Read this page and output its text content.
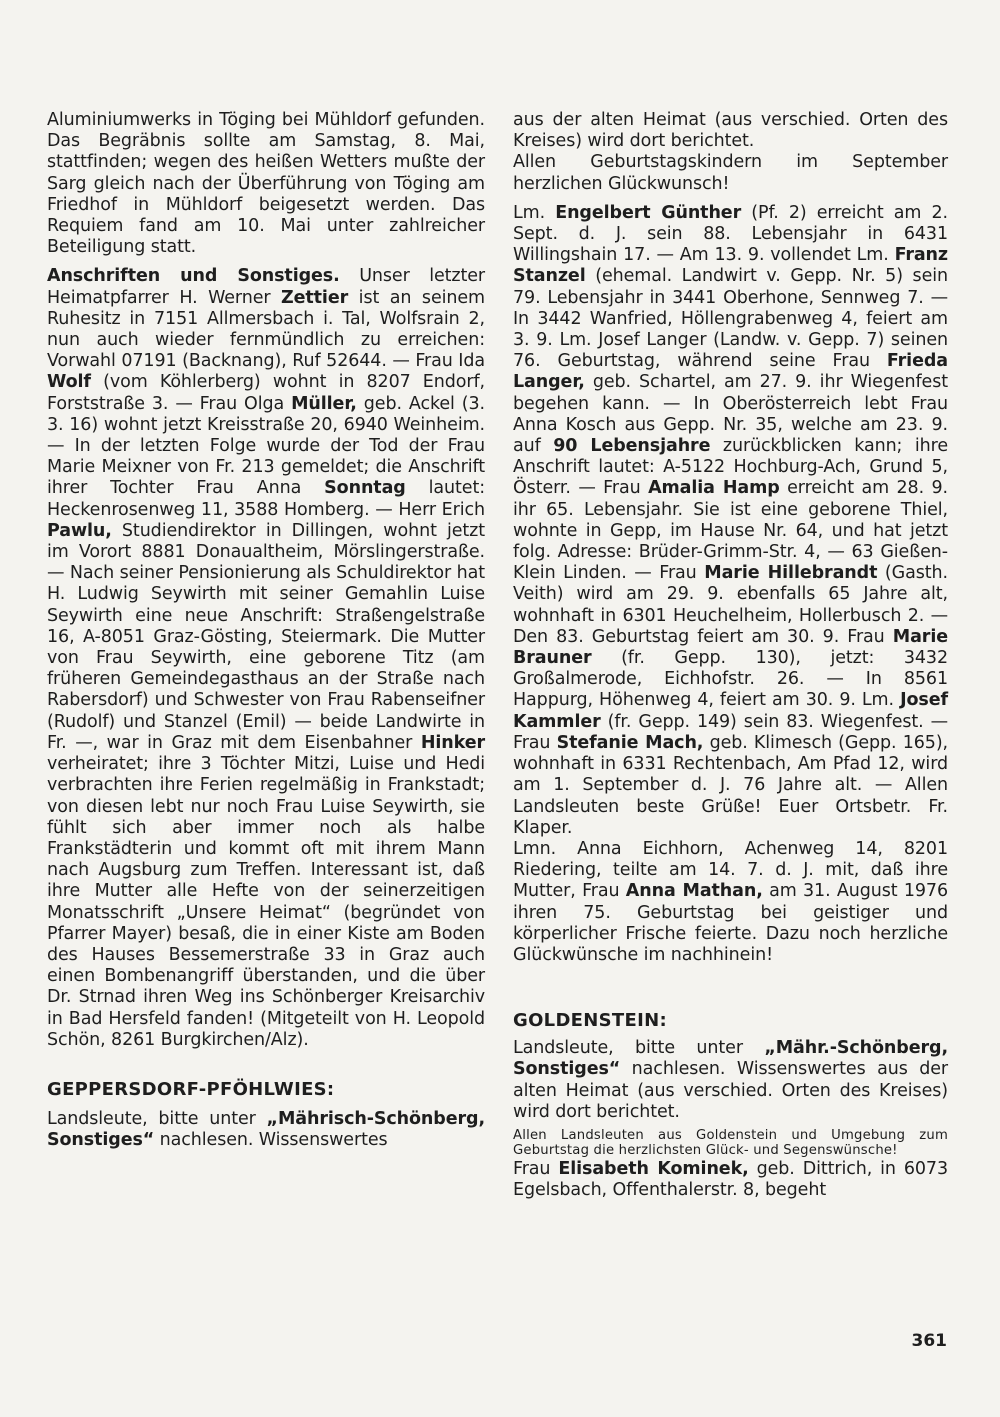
Aluminiumwerks in Töging bei Mühldorf gefunden. Das Begräbnis sollte am Samstag, 8. Mai, stattfinden; wegen des heißen Wetters mußte der Sarg gleich nach der Überführung von Töging am Friedhof in Mühldorf beigesetzt werden. Das Requiem fand am 10. Mai unter zahlreicher Beteiligung statt.

Anschriften und Sonstiges. Unser letzter Heimatpfarrer H. Werner Zettier ist an seinem Ruhesitz in 7151 Allmersbach i. Tal, Wolfsrain 2, nun auch wieder fernmündlich zu erreichen: Vorwahl 07191 (Backnang), Ruf 52644. — Frau Ida Wolf (vom Köhlerberg) wohnt in 8207 Endorf, Forststraße 3. — Frau Olga Müller, geb. Ackel (3. 3. 16) wohnt jetzt Kreisstraße 20, 6940 Weinheim. — In der letzten Folge wurde der Tod der Frau Marie Meixner von Fr. 213 gemeldet; die Anschrift ihrer Tochter Frau Anna Sonntag lautet: Heckenrosenweg 11, 3588 Homberg. — Herr Erich Pawlu, Studiendirektor in Dillingen, wohnt jetzt im Vorort 8881 Donaualtheim, Mörslingerstraße. — Nach seiner Pensionierung als Schuldirektor hat H. Ludwig Seywirth mit seiner Gemahlin Luise Seywirth eine neue Anschrift: Straßengelstraße 16, A-8051 Graz-Gösting, Steiermark. Die Mutter von Frau Seywirth, eine geborene Titz (am früheren Gemeindegasthaus an der Straße nach Rabersdorf) und Schwester von Frau Rabenseifner (Rudolf) und Stanzel (Emil) — beide Landwirte in Fr. —, war in Graz mit dem Eisenbahner Hinker verheiratet; ihre 3 Töchter Mitzi, Luise und Hedi verbrachten ihre Ferien regelmäßig in Frankstadt; von diesen lebt nur noch Frau Luise Seywirth, sie fühlt sich aber immer noch als halbe Frankstädterin und kommt oft mit ihrem Mann nach Augsburg zum Treffen. Interessant ist, daß ihre Mutter alle Hefte von der seinerzeitigen Monatsschrift „Unsere Heimat“ (begründet von Pfarrer Mayer) besaß, die in einer Kiste am Boden des Hauses Bessemerstraße 33 in Graz auch einen Bombenangriff überstanden, und die über Dr. Strnad ihren Weg ins Schönberger Kreisarchiv in Bad Hersfeld fanden! (Mitgeteilt von H. Leopold Schön, 8261 Burgkirchen/Alz).

GEPPERSDORF-PFÖHLWIES:

Landsleute, bitte unter „Mährisch-Schönberg, Sonstiges“ nachlesen. Wissenswertes

aus der alten Heimat (aus verschied. Orten des Kreises) wird dort berichtet.

Allen Geburtstagskindern im September herzlichen Glückwunsch!

Lm. Engelbert Günther (Pf. 2) erreicht am 2. Sept. d. J. sein 88. Lebensjahr in 6431 Willingshain 17. — Am 13. 9. vollendet Lm. Franz Stanzel (ehemal. Landwirt v. Gepp. Nr. 5) sein 79. Lebensjahr in 3441 Oberhone, Sennweg 7. — In 3442 Wanfried, Höllengrabenweg 4, feiert am 3. 9. Lm. Josef Langer (Landw. v. Gepp. 7) seinen 76. Geburtstag, während seine Frau Frieda Langer, geb. Schartel, am 27. 9. ihr Wiegenfest begehen kann. — In Oberösterreich lebt Frau Anna Kosch aus Gepp. Nr. 35, welche am 23. 9. auf 90 Lebensjahre zurückblicken kann; ihre Anschrift lautet: A-5122 Hochburg-Ach, Grund 5, Österr. — Frau Amalia Hamp erreicht am 28. 9. ihr 65. Lebensjahr. Sie ist eine geborene Thiel, wohnte in Gepp, im Hause Nr. 64, und hat jetzt folg. Adresse: Brüder-Grimm-Str. 4, — 63 Gießen-Klein Linden. — Frau Marie Hillebrandt (Gasth. Veith) wird am 29. 9. ebenfalls 65 Jahre alt, wohnhaft in 6301 Heuchelheim, Hollerbusch 2. — Den 83. Geburtstag feiert am 30. 9. Frau Marie Brauner (fr. Gepp. 130), jetzt: 3432 Großalmerode, Eichhofstr. 26. — In 8561 Happurg, Höhenweg 4, feiert am 30. 9. Lm. Josef Kammler (fr. Gepp. 149) sein 83. Wiegenfest. — Frau Stefanie Mach, geb. Klimesch (Gepp. 165), wohnhaft in 6331 Rechtenbach, Am Pfad 12, wird am 1. September d. J. 76 Jahre alt. — Allen Landsleuten beste Grüße! Euer Ortsbetr. Fr. Klaper.

Lmn. Anna Eichhorn, Achenweg 14, 8201 Riedering, teilte am 14. 7. d. J. mit, daß ihre Mutter, Frau Anna Mathan, am 31. August 1976 ihren 75. Geburtstag bei geistiger und körperlicher Frische feierte. Dazu noch herzliche Glückwünsche im nachhinein!

GOLDENSTEIN:

Landsleute, bitte unter „Mähr.-Schönberg, Sonstiges“ nachlesen. Wissenswertes aus der alten Heimat (aus verschied. Orten des Kreises) wird dort berichtet.

Allen Landsleuten aus Goldenstein und Umgebung zum Geburtstag die herzlichsten Glück- und Segenswünsche!

Frau Elisabeth Kominek, geb. Dittrich, in 6073 Egelsbach, Offenthalerstr. 8, begeht

361
